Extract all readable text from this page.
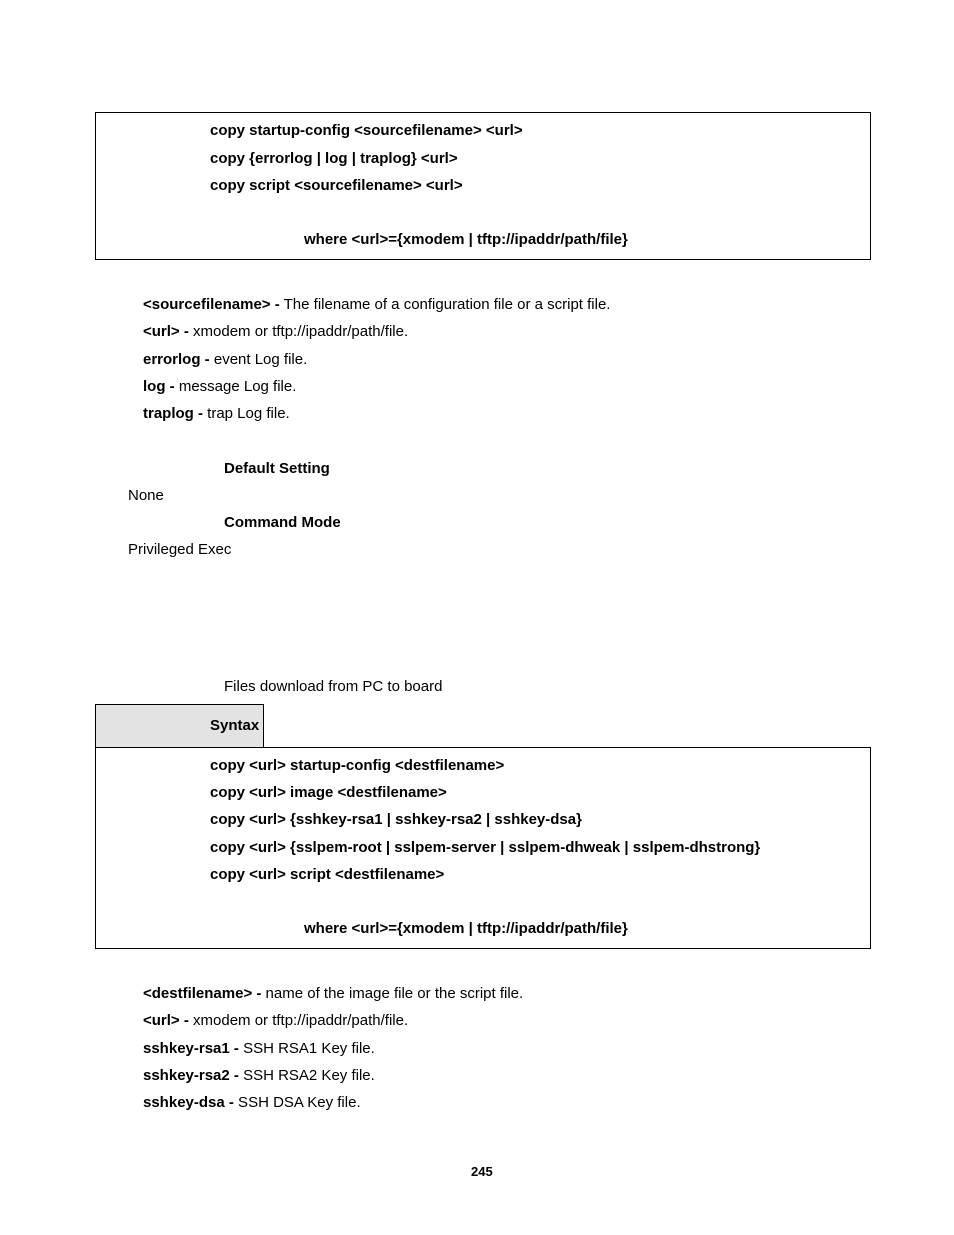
copy startup-config <sourcefilename> <url>
copy {errorlog | log | traplog} <url>
copy script <sourcefilename> <url>
where <url>={xmodem | tftp://ipaddr/path/file}
<sourcefilename> - The filename of a configuration file or a script file.
<url> - xmodem or tftp://ipaddr/path/file.
errorlog - event Log file.
log - message Log file.
traplog - trap Log file.
Default Setting
None
Command Mode
Privileged Exec
Files download from PC to board
Syntax
copy <url> startup-config <destfilename>
copy <url> image <destfilename>
copy <url> {sshkey-rsa1 | sshkey-rsa2 | sshkey-dsa}
copy <url> {sslpem-root | sslpem-server | sslpem-dhweak | sslpem-dhstrong}
copy <url> script <destfilename>
where <url>={xmodem | tftp://ipaddr/path/file}
<destfilename> - name of the image file or the script file.
<url> - xmodem or tftp://ipaddr/path/file.
sshkey-rsa1 - SSH RSA1 Key file.
sshkey-rsa2 - SSH RSA2 Key file.
sshkey-dsa - SSH DSA Key file.
245
